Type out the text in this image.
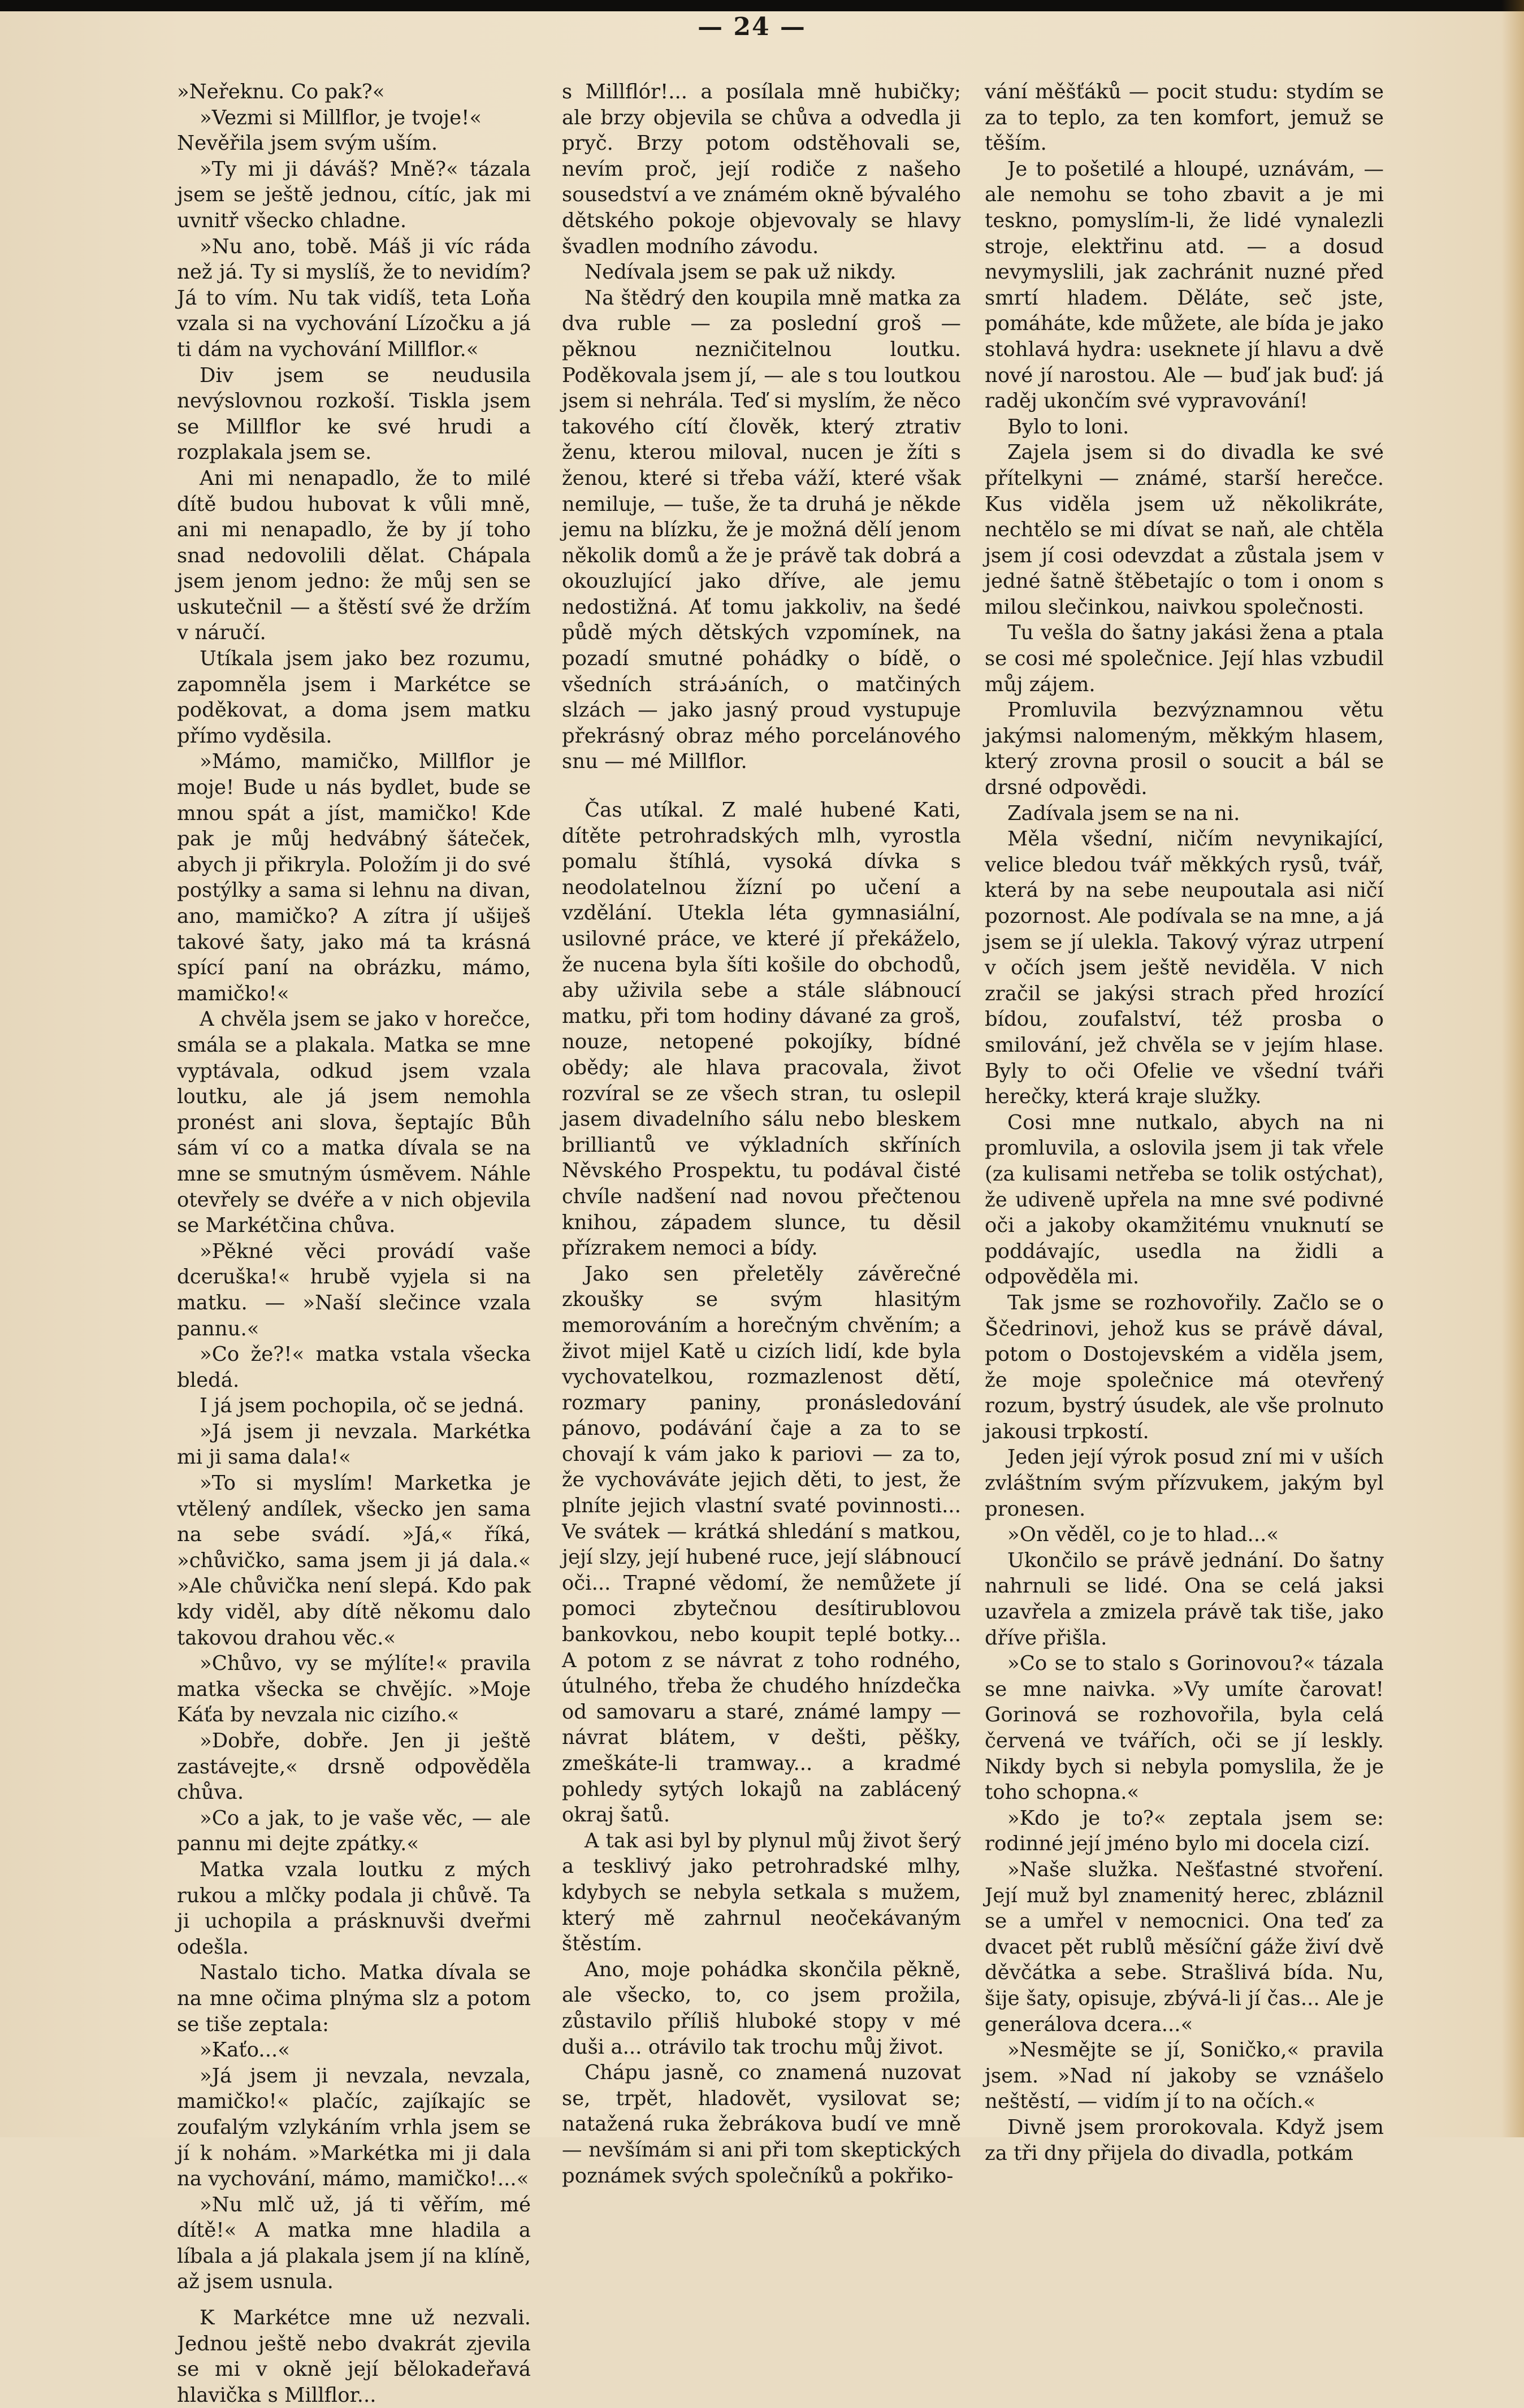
— 24 —

»Neřeknu. Co pak?«

»Vezmi si Millflor, je tvoje!«

Nevěřila jsem svým uším.

»Ty mi ji dáváš? Mně?« tázala jsem se ještě jednou, cítíc, jak mi uvnitř všecko chladne.

»Nu ano, tobě. Máš ji víc ráda než já. Ty si myslíš, že to nevidím? Já to vím. Nu tak vidíš, teta Loňa vzala si na vychování Lízočku a já ti dám na vychování Millflor.«

Div jsem se neudusila nevýslovnou rozkoší. Tiskla jsem se Millflor ke své hrudi a rozplakala jsem se.

Ani mi nenapadlo, že to milé dítě budou hubovat k vůli mně, ani mi nenapadlo, že by jí toho snad nedovolili dělat. Chápala jsem jenom jedno: že můj sen se uskutečnil — a štěstí své že držím v náručí.

Utíkala jsem jako bez rozumu, zapomněla jsem i Markétce se poděkovat, a doma jsem matku přímo vyděsila.

»Mámo, mamičko, Millflor je moje! Bude u nás bydlet, bude se mnou spát a jíst, mamičko! Kde pak je můj hedvábný šáteček, abych ji přikryla. Položím ji do své postýlky a sama si lehnu na divan, ano, mamičko? A zítra jí ušiješ takové šaty, jako má ta krásná spící paní na obrázku, mámo, mamičko!«

A chvěla jsem se jako v horečce, smála se a plakala. Matka se mne vyptávala, odkud jsem vzala loutku, ale já jsem nemohla pronést ani slova, šeptajíc Bůh sám ví co a matka dívala se na mne se smutným úsměvem. Náhle otevřely se dvéře a v nich objevila se Markétčina chůva.

»Pěkné věci provádí vaše dceruška!« hrubě vyjela si na matku. — »Naší slečince vzala pannu.«

»Co že?!« matka vstala všecka bledá.

I já jsem pochopila, oč se jedná.

»Já jsem ji nevzala. Markétka mi ji sama dala!«

»To si myslím! Marketka je vtělený andílek, všecko jen sama na sebe svádí. »Já,« říká, »chůvičko, sama jsem ji já dala.« »Ale chůvička není slepá. Kdo pak kdy viděl, aby dítě někomu dalo takovou drahou věc.«

»Chůvo, vy se mýlíte!« pravila matka všecka se chvějíc. »Moje Káťa by nevzala nic cizího.«

»Dobře, dobře. Jen ji ještě zastávejte,« drsně odpověděla chůva.

»Co a jak, to je vaše věc, — ale pannu mi dejte zpátky.«

Matka vzala loutku z mých rukou a mlčky podala ji chůvě. Ta ji uchopila a prásknuvši dveřmi odešla.

Nastalo ticho. Matka dívala se na mne očima plnýma slz a potom se tiše zeptala:

»Kaťo...«

»Já jsem ji nevzala, nevzala, mamičko!« plačíc, zajíkajíc se zoufalým vzlykáním vrhla jsem se jí k nohám. »Markétka mi ji dala na vychování, mámo, mamičko!...«

»Nu mlč už, já ti věřím, mé dítě!« A matka mne hladila a líbala a já plakala jsem jí na klíně, až jsem usnula.

K Markétce mne už nezvali. Jednou ještě nebo dvakrát zjevila se mi v okně její bělokadeřavá hlavička s Millflor...

s Millflór!... a posílala mně hubičky; ale brzy objevila se chůva a odvedla ji pryč. Brzy potom odstěhovali se, nevím proč, její rodiče z našeho sousedství a ve známém okně bývalého dětského pokoje objevovaly se hlavy švadlen modního závodu.

Nedívala jsem se pak už nikdy.

Na štědrý den koupila mně matka za dva ruble — za poslední groš — pěknou nezničitelnou loutku. Poděkovala jsem jí, — ale s tou loutkou jsem si nehrála. Teď si myslím, že něco takového cítí člověk, který ztrativ ženu, kterou miloval, nucen je žíti s ženou, které si třeba váží, které však nemiluje, — tuše, že ta druhá je někde jemu na blízku, že je možná dělí jenom několik domů a že je právě tak dobrá a okouzlující jako dříve, ale jemu nedostižná. Ať tomu jakkoliv, na šedé půdě mých dětských vzpomínek, na pozadí smutné pohádky o bídě, o všedních stráدáních, o matčiných slzách — jako jasný proud vystupuje překrásný obraz mého porcelánového snu — mé Millflor.

Čas utíkal. Z malé hubené Kati, dítěte petrohradských mlh, vyrostla pomalu štíhlá, vysoká dívka s neodolatelnou žízní po učení a vzdělání. Utekla léta gymnasiální, usilovné práce, ve které jí překáželo, že nucena byla šíti košile do obchodů, aby uživila sebe a stále slábnoucí matku, při tom hodiny dávané za groš, nouze, netopené pokojíky, bídné obědy; ale hlava pracovala, život rozvíral se ze všech stran, tu oslepil jasem divadelního sálu nebo bleskem brilliantů ve výkladních skříních Něvského Prospektu, tu podával čisté chvíle nadšení nad novou přečtenou knihou, západem slunce, tu děsil přízrakem nemoci a bídy.

Jako sen přeletěly závěrečné zkoušky se svým hlasitým memorováním a horečným chvěním; a život mijel Katě u cizích lidí, kde byla vychovatelkou, rozmazlenost dětí, rozmary paniny, pronásledování pánovo, podávání čaje a za to se chovají k vám jako k pariovi — za to, že vychováváte jejich děti, to jest, že plníte jejich vlastní svaté povinnosti... Ve svátek — krátká shledání s matkou, její slzy, její hubené ruce, její slábnoucí oči... Trapné vědomí, že nemůžete jí pomoci zbytečnou desítirublovou bankovkou, nebo koupit teplé botky... A potom z se návrat z toho rodného, útulného, třeba že chudého hnízdečka od samovaru a staré, známé lampy — návrat blátem, v dešti, pěšky, zmeškáte-li tramway... a kradmé pohledy sytých lokajů na zablácený okraj šatů.

A tak asi byl by plynul můj život šerý a tesklivý jako petrohradské mlhy, kdybych se nebyla setkala s mužem, který mě zahrnul neočekávaným štěstím.

Ano, moje pohádka skončila pěkně, ale všecko, to, co jsem prožila, zůstavilo příliš hluboké stopy v mé duši a... otrávilo tak trochu můj život.

Chápu jasně, co znamená nuzovat se, trpět, hladovět, vysilovat se; natažená ruka žebrákova budí ve mně — nevšímám si ani při tom skeptických poznámek svých společníků a pokřiko-

vání měšťáků — pocit studu: stydím se za to teplo, za ten komfort, jemuž se těším.

Je to pošetilé a hloupé, uznávám, — ale nemohu se toho zbavit a je mi teskno, pomyslím-li, že lidé vynalezli stroje, elektřinu atd. — a dosud nevymyslili, jak zachránit nuzné před smrtí hladem. Děláte, seč jste, pomáháte, kde můžete, ale bída je jako stohlavá hydra: useknete jí hlavu a dvě nové jí narostou. Ale — buď jak buď: já raděj ukončím své vypravování!

Bylo to loni.

Zajela jsem si do divadla ke své přítelkyni — známé, starší herečce. Kus viděla jsem už několikráte, nechtělo se mi dívat se naň, ale chtěla jsem jí cosi odevzdat a zůstala jsem v jedné šatně štěbetajíc o tom i onom s milou slečinkou, naivkou společnosti.

Tu vešla do šatny jakási žena a ptala se cosi mé společnice. Její hlas vzbudil můj zájem.

Promluvila bezvýznamnou větu jakýmsi nalomeným, měkkým hlasem, který zrovna prosil o soucit a bál se drsné odpovědi.

Zadívala jsem se na ni.

Měla všední, ničím nevynikající, velice bledou tvář měkkých rysů, tvář, která by na sebe neupoutala asi ničí pozornost. Ale podívala se na mne, a já jsem se jí ulekla. Takový výraz utrpení v očích jsem ještě neviděla. V nich zračil se jakýsi strach před hrozící bídou, zoufalství, též prosba o smilování, jež chvěla se v jejím hlase. Byly to oči Ofelie ve všední tváři herečky, která kraje služky.

Cosi mne nutkalo, abych na ni promluvila, a oslovila jsem ji tak vřele (za kulisami netřeba se tolik ostýchat), že udiveně upřela na mne své podivné oči a jakoby okamžitému vnuknutí se poddávajíc, usedla na židli a odpověděla mi.

Tak jsme se rozhovořily. Začlo se o Ščedrinovi, jehož kus se právě dával, potom o Dostojevském a viděla jsem, že moje společnice má otevřený rozum, bystrý úsudek, ale vše prolnuto jakousi trpkostí.

Jeden její výrok posud zní mi v uších zvláštním svým přízvukem, jakým byl pronesen.

»On věděl, co je to hlad...«

Ukončilo se právě jednání. Do šatny nahrnuli se lidé. Ona se celá jaksi uzavřela a zmizela právě tak tiše, jako dříve přišla.

»Co se to stalo s Gorinovou?« tázala se mne naivka. »Vy umíte čarovat! Gorinová se rozhovořila, byla celá červená ve tvářích, oči se jí leskly. Nikdy bych si nebyla pomyslila, že je toho schopna.«

»Kdo je to?« zeptala jsem se: rodinné její jméno bylo mi docela cizí.

»Naše služka. Nešťastné stvoření. Její muž byl znamenitý herec, zbláznil se a umřel v nemocnici. Ona teď za dvacet pět rublů měsíční gáže živí dvě děvčátka a sebe. Strašlivá bída. Nu, šije šaty, opisuje, zbývá-li jí čas... Ale je generálova dcera...«

»Nesmějte se jí, Soničko,« pravila jsem. »Nad ní jakoby se vznášelo neštěstí, — vidím jí to na očích.«

Divně jsem prorokovala. Když jsem za tři dny přijela do divadla, potkám
